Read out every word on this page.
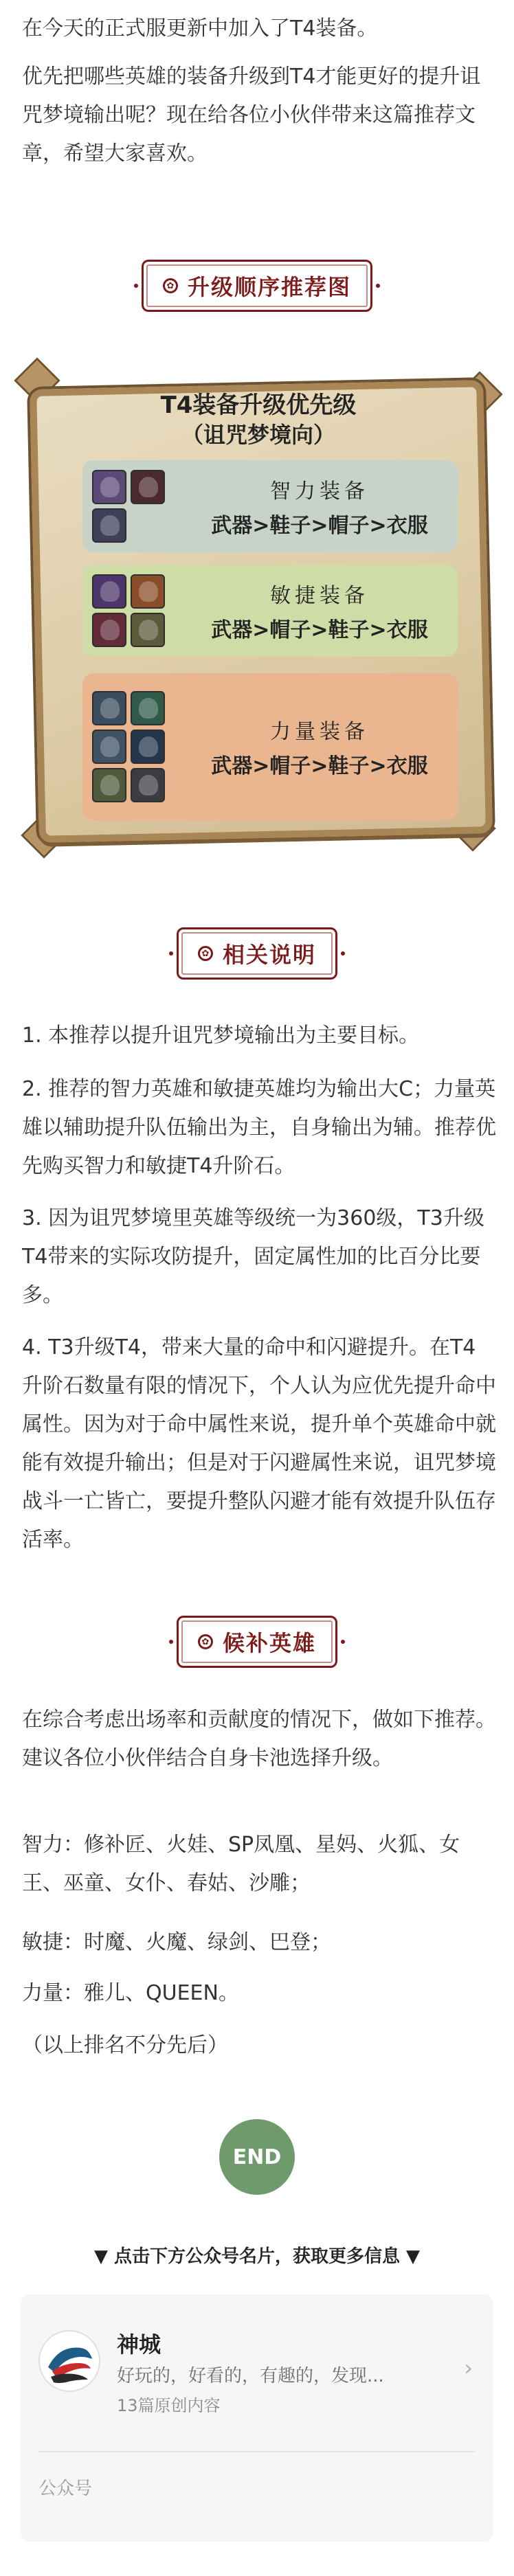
在今天的正式服更新中加入了T4装备。

优先把哪些英雄的装备升级到T4才能更好的提升诅咒梦境输出呢？现在给各位小伙伴带来这篇推荐文章，希望大家喜欢。

✿ 升级顺序推荐图
T4装备升级优先级
（诅咒梦境向）
智力装备
武器>鞋子>帽子>衣服
敏捷装备
武器>帽子>鞋子>衣服
力量装备
武器>帽子>鞋子>衣服
✿ 相关说明

1. 本推荐以提升诅咒梦境输出为主要目标。

2. 推荐的智力英雄和敏捷英雄均为输出大C；力量英雄以辅助提升队伍输出为主，自身输出为辅。推荐优先购买智力和敏捷T4升阶石。

3. 因为诅咒梦境里英雄等级统一为360级，T3升级T4带来的实际攻防提升，固定属性加的比百分比要多。

4. T3升级T4，带来大量的命中和闪避提升。在T4升阶石数量有限的情况下，个人认为应优先提升命中属性。因为对于命中属性来说，提升单个英雄命中就能有效提升输出；但是对于闪避属性来说，诅咒梦境战斗一亡皆亡，要提升整队闪避才能有效提升队伍存活率。

✿ 候补英雄

在综合考虑出场率和贡献度的情况下，做如下推荐。建议各位小伙伴结合自身卡池选择升级。

智力：修补匠、火娃、SP凤凰、星妈、火狐、女王、巫童、女仆、春姑、沙雕；

敏捷：时魔、火魔、绿剑、巴登；

力量：雅儿、QUEEN。

（以上排名不分先后）

END
▼ 点击下方公众号名片，获取更多信息 ▼
神城
好玩的，好看的，有趣的，发现...
13篇原创内容
›
公众号
